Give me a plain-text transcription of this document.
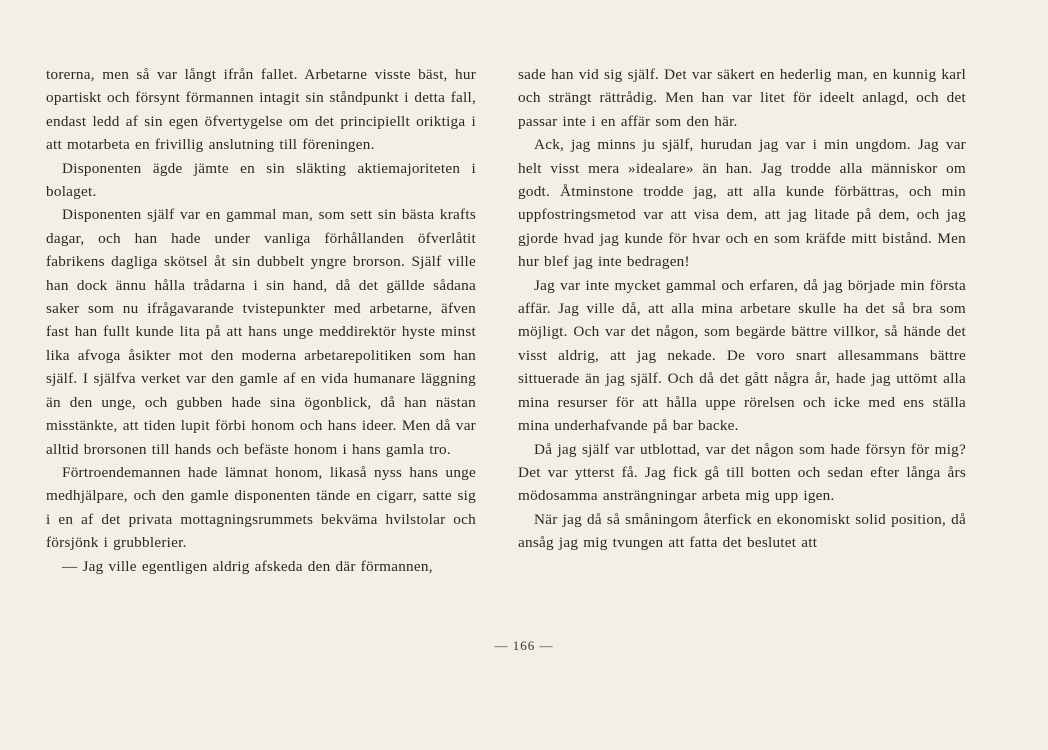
torerna, men så var långt ifrån fallet. Arbetarne visste bäst, hur opartiskt och försynt förmannen intagit sin ståndpunkt i detta fall, endast ledd af sin egen öfvertygelse om det principiellt oriktiga i att motarbeta en frivillig anslutning till föreningen.

Disponenten ägde jämte en sin släkting aktiemajoriteten i bolaget.

Disponenten själf var en gammal man, som sett sin bästa krafts dagar, och han hade under vanliga förhållanden öfverlåtit fabrikens dagliga skötsel åt sin dubbelt yngre brorson. Själf ville han dock ännu hålla trådarna i sin hand, då det gällde sådana saker som nu ifrågavarande tvistepunkter med arbetarne, äfven fast han fullt kunde lita på att hans unge meddirektör hyste minst lika afvoga åsikter mot den moderna arbetarepolitiken som han själf. I själfva verket var den gamle af en vida humanare läggning än den unge, och gubben hade sina ögonblick, då han nästan misstänkte, att tiden lupit förbi honom och hans ideer. Men då var alltid brorsonen till hands och befäste honom i hans gamla tro.

Förtroendemannen hade lämnat honom, likaså nyss hans unge medhjälpare, och den gamle disponenten tände en cigarr, satte sig i en af det privata mottagningsrummets bekväma hvilstolar och försjönk i grubblerier.

— Jag ville egentligen aldrig afskeda den där förmannen,

sade han vid sig själf. Det var säkert en hederlig man, en kunnig karl och strängt rättrådig. Men han var litet för ideelt anlagd, och det passar inte i en affär som den här.

Ack, jag minns ju själf, hurudan jag var i min ungdom. Jag var helt visst mera »idealare» än han. Jag trodde alla människor om godt. Åtminstone trodde jag, att alla kunde förbättras, och min uppfostringsmetod var att visa dem, att jag litade på dem, och jag gjorde hvad jag kunde för hvar och en som kräfde mitt bistånd. Men hur blef jag inte bedragen!

Jag var inte mycket gammal och erfaren, då jag började min första affär. Jag ville då, att alla mina arbetare skulle ha det så bra som möjligt. Och var det någon, som begärde bättre villkor, så hände det visst aldrig, att jag nekade. De voro snart allesammans bättre sittuerade än jag själf. Och då det gått några år, hade jag uttömt alla mina resurser för att hålla uppe rörelsen och icke med ens ställa mina underhafvande på bar backe.

Då jag själf var utblottad, var det någon som hade försyn för mig? Det var ytterst få. Jag fick gå till botten och sedan efter långa års mödosamma ansträngningar arbeta mig upp igen.

När jag då så småningom återfick en ekonomiskt solid position, då ansåg jag mig tvungen att fatta det beslutet att

— 166 —
